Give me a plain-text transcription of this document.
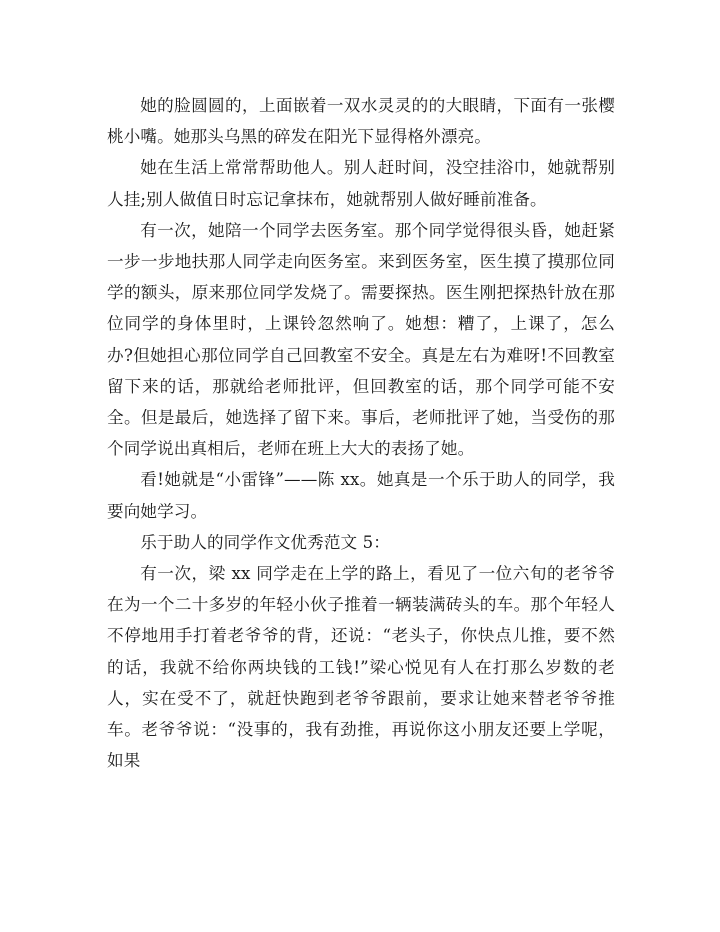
她的脸圆圆的，上面嵌着一双水灵灵的的大眼睛，下面有一张樱桃小嘴。她那头乌黑的碎发在阳光下显得格外漂亮。

她在生活上常常帮助他人。别人赶时间，没空挂浴巾，她就帮别人挂;别人做值日时忘记拿抹布，她就帮别人做好睡前准备。

有一次，她陪一个同学去医务室。那个同学觉得很头昏，她赶紧一步一步地扶那人同学走向医务室。来到医务室，医生摸了摸那位同学的额头，原来那位同学发烧了。需要探热。医生刚把探热针放在那位同学的身体里时，上课铃忽然响了。她想：糟了，上课了，怎么办?但她担心那位同学自己回教室不安全。真是左右为难呀!不回教室留下来的话，那就给老师批评，但回教室的话，那个同学可能不安全。但是最后，她选择了留下来。事后，老师批评了她，当受伤的那个同学说出真相后，老师在班上大大的表扬了她。

看!她就是“小雷锋”——陈 xx。她真是一个乐于助人的同学，我要向她学习。

乐于助人的同学作文优秀范文 5：

有一次，梁 xx 同学走在上学的路上，看见了一位六旬的老爷爷在为一个二十多岁的年轻小伙子推着一辆装满砖头的车。那个年轻人不停地用手打着老爷爷的背，还说：“老头子，你快点儿推，要不然的话，我就不给你两块钱的工钱!”梁心悦见有人在打那么岁数的老人，实在受不了，就赶快跑到老爷爷跟前，要求让她来替老爷爷推车。老爷爷说：“没事的，我有劲推，再说你这小朋友还要上学呢，如果
